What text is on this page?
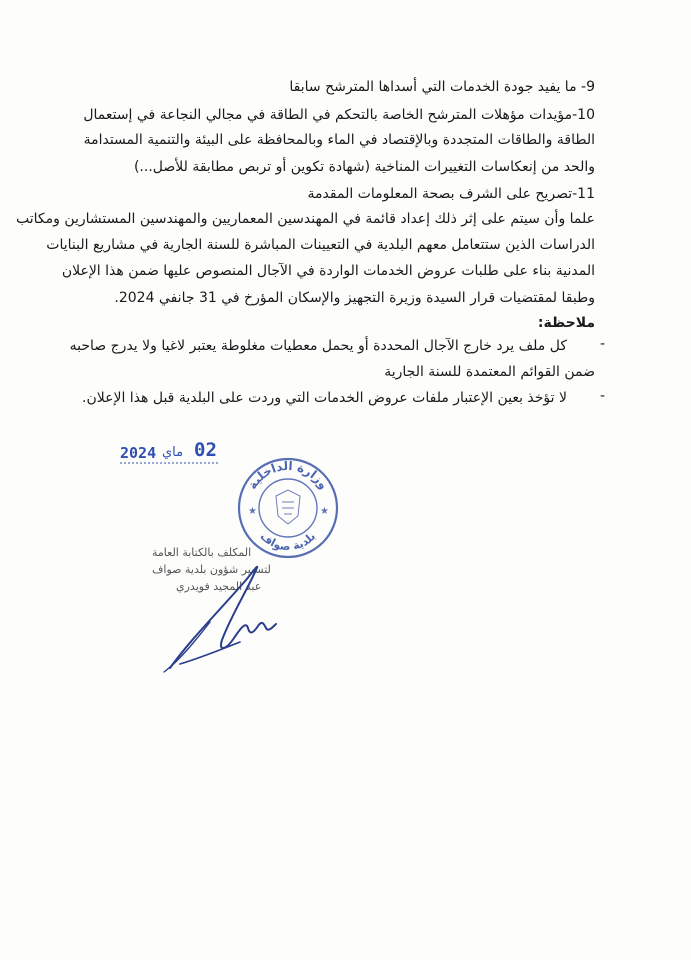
9- ما يفيد جودة الخدمات التي أسداها المترشح سابقا
10-مؤيدات مؤهلات المترشح الخاصة بالتحكم في الطاقة في مجالي النجاعة في إستعمال
الطاقة والطاقات المتجددة وبالإقتصاد في الماء وبالمحافظة على البيئة والتنمية المستدامة
والحد من إنعكاسات التغييرات المناخية (شهادة تكوين أو تربص مطابقة للأصل...)
11-تصريح على الشرف بصحة المعلومات المقدمة
علما وأن سيتم على إثر ذلك إعداد قائمة في المهندسين المعماريين والمهندسين المستشارين ومكاتب
الدراسات الذين ستتعامل معهم البلدية في التعيينات المباشرة للسنة الجارية في مشاريع البنايات
المدنية بناء على طلبات عروض الخدمات الواردة في الآجال المنصوص عليها ضمن هذا الإعلان
وطبقا لمقتضيات قرار السيدة وزيرة التجهيز والإسكان المؤرخ في 31 جانفي 2024.
ملاحظة:
-
كل ملف يرد خارج الآجال المحددة أو يحمل معطيات مغلوطة يعتبر لاغيا ولا يدرج صاحبه
ضمن القوائم المعتمدة للسنة الجارية
-
لا تؤخذ بعين الإعتبار ملفات عروض الخدمات التي وردت على البلدية قبل هذا الإعلان.
2024 ماي 02
وزارة الداخلية
بلدية صواف
★	★
المكلف بالكتابة العامة
لتسيير شؤون بلدية صواف
عبد المجيد فويدري
